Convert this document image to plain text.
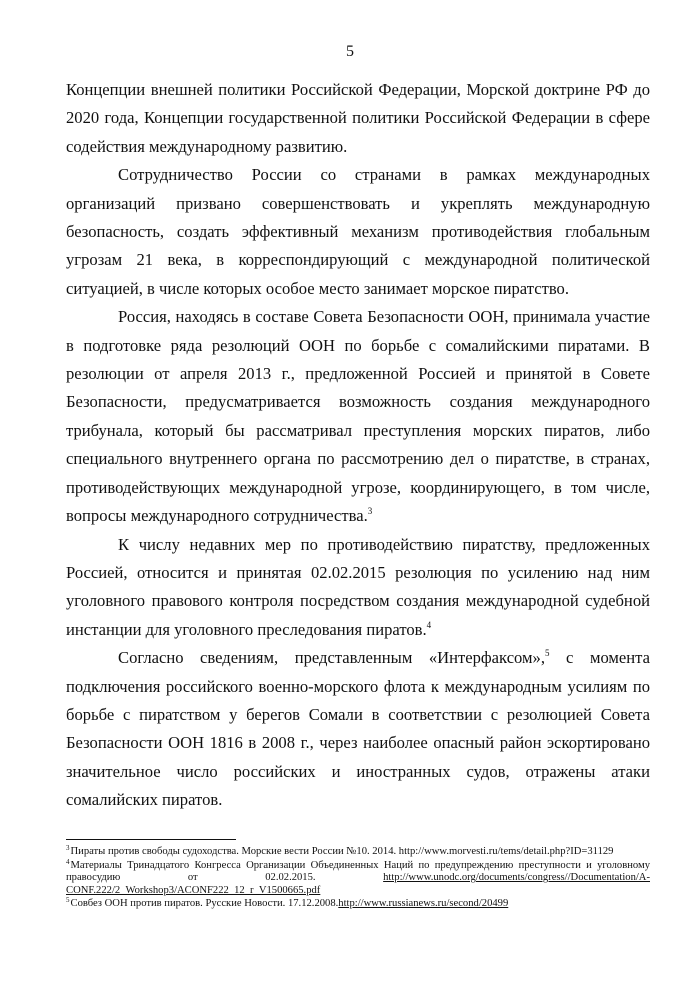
5

Концепции внешней политики Российской Федерации, Морской доктрине РФ до 2020 года, Концепции государственной политики Российской Федерации в сфере содействия международному развитию.

Сотрудничество России со странами в рамках международных организаций призвано совершенствовать и укреплять международную безопасность, создать эффективный механизм противодействия глобальным угрозам 21 века, в корреспондирующий с международной политической ситуацией, в числе которых особое место занимает морское пиратство.

Россия, находясь в составе Совета Безопасности ООН, принимала участие в подготовке ряда резолюций ООН по борьбе с сомалийскими пиратами. В резолюции от апреля 2013 г., предложенной Россией и принятой в Совете Безопасности, предусматривается возможность создания международного трибунала, который бы рассматривал преступления морских пиратов, либо специального внутреннего органа по рассмотрению дел о пиратстве, в странах, противодействующих международной угрозе, координирующего, в том числе, вопросы международного сотрудничества.$^3$

К числу недавних мер по противодействию пиратству, предложенных Россией, относится и принятая 02.02.2015 резолюция по усилению над ним уголовного правового контроля посредством создания международной судебной инстанции для уголовного преследования пиратов.$^4$

Согласно сведениям, представленным «Интерфаксом»,$^5$ с момента подключения российского военно-морского флота к международным усилиям по борьбе с пиратством у берегов Сомали в соответствии с резолюцией Совета Безопасности ООН 1816 в 2008 г., через наиболее опасный район эскортировано значительное число российских и иностранных судов, отражены атаки сомалийских пиратов.

$^3$Пираты против свободы судоходства. Морские вести России №10. 2014. http://www.morvesti.ru/tems/detail.php?ID=31129

$^4$Материалы Тринадцатого Конгресса Организации Объединенных Наций по предупреждению преступности и уголовному правосудию от 02.02.2015. http://www.unodc.org/documents/congress//Documentation/A-CONF.222/2_Workshop3/ACONF222_12_r_V1500665.pdf

$^5$Совбез ООН против пиратов. Русские Новости. 17.12.2008.http://www.russianews.ru/second/20499
